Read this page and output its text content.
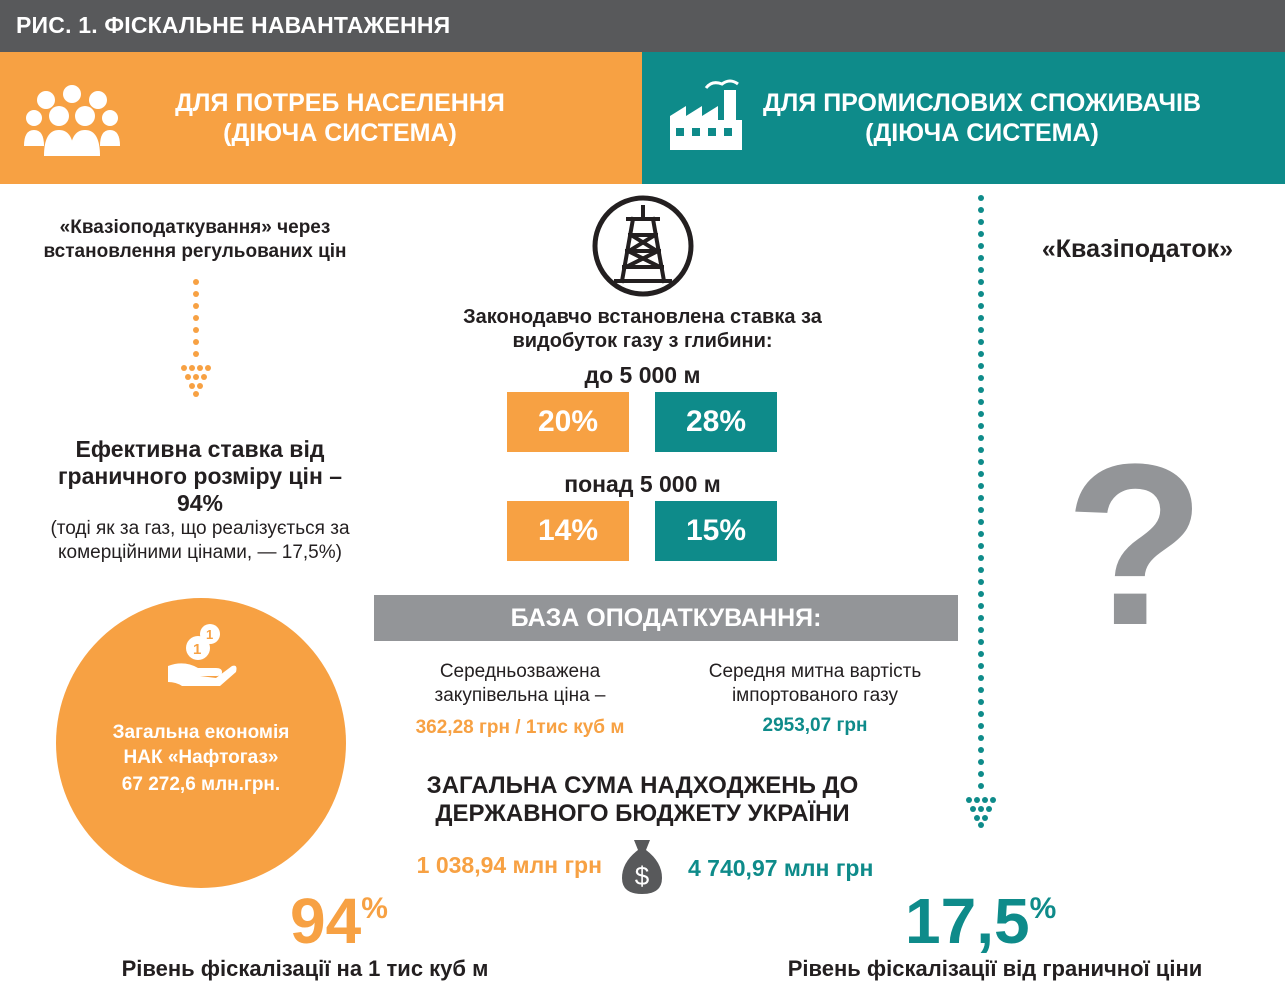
РИС. 1. ФІСКАЛЬНЕ НАВАНТАЖЕННЯ
ДЛЯ ПОТРЕБ НАСЕЛЕННЯ
(ДІЮЧА СИСТЕМА)
ДЛЯ ПРОМИСЛОВИХ СПОЖИВАЧІВ
(ДІЮЧА СИСТЕМА)
«Квазіоподаткування» через
встановлення регульованих цін
Ефективна ставка від
граничного розміру цін –
94%
(тоді як за газ, що реалізується за
комерційними цінами, — 17,5%)
1
1
Загальна економія
НАК «Нафтогаз»
67 272,6 млн.грн.
Законодавчо встановлена ставка за
видобуток газу з глибини:
до 5 000 м
20%	28%
понад 5 000 м
14%	15%
БАЗА ОПОДАТКУВАННЯ:
Середньозважена
закупівельна ціна –
362,28 грн / 1тис куб м
Середня митна вартість
імпортованого газу
2953,07 грн
ЗАГАЛЬНА СУМА НАДХОДЖЕНЬ ДО
ДЕРЖАВНОГО БЮДЖЕТУ УКРАЇНИ
1 038,94 млн грн $ 4 740,97 млн грн
«Квазіподаток»
?
94%
Рівень фіскалізації на 1 тис куб м
17,5%
Рівень фіскалізації від граничної ціни
